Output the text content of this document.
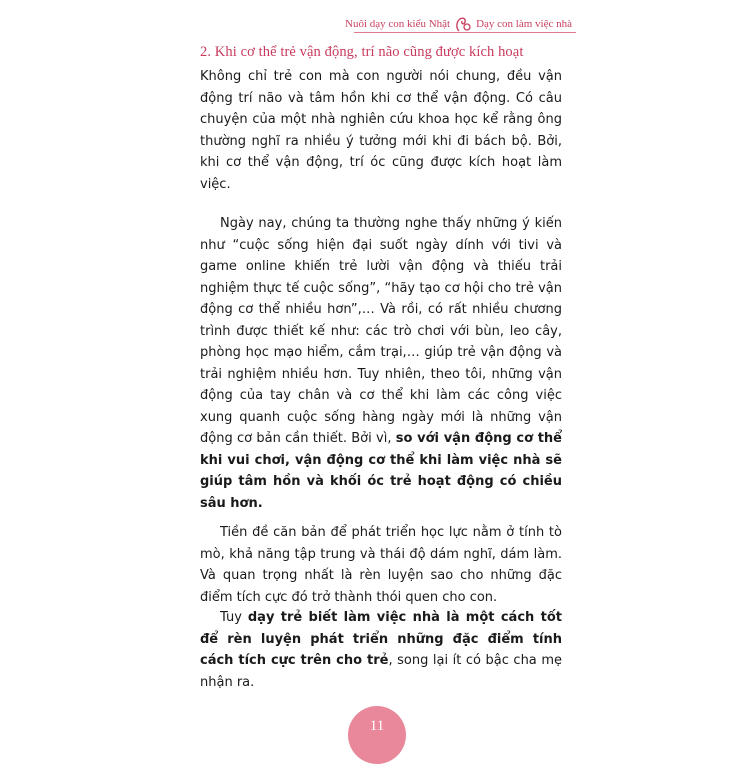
Nuôi dạy con kiểu Nhật Dạy con làm việc nhà
2. Khi cơ thể trẻ vận động, trí não cũng được kích hoạt

Không chỉ trẻ con mà con người nói chung, đều vận động trí não và tâm hồn khi cơ thể vận động. Có câu chuyện của một nhà nghiên cứu khoa học kể rằng ông thường nghĩ ra nhiều ý tưởng mới khi đi bách bộ. Bởi, khi cơ thể vận động, trí óc cũng được kích hoạt làm việc.

Ngày nay, chúng ta thường nghe thấy những ý kiến như “cuộc sống hiện đại suốt ngày dính với tivi và game online khiến trẻ lười vận động và thiếu trải nghiệm thực tế cuộc sống”, “hãy tạo cơ hội cho trẻ vận động cơ thể nhiều hơn”,… Và rồi, có rất nhiều chương trình được thiết kế như: các trò chơi với bùn, leo cây, phòng học mạo hiểm, cắm trại,… giúp trẻ vận động và trải nghiệm nhiều hơn. Tuy nhiên, theo tôi, những vận động của tay chân và cơ thể khi làm các công việc xung quanh cuộc sống hàng ngày mới là những vận động cơ bản cần thiết. Bởi vì, so với vận động cơ thể khi vui chơi, vận động cơ thể khi làm việc nhà sẽ giúp tâm hồn và khối óc trẻ hoạt động có chiều sâu hơn.

Tiền đề căn bản để phát triển học lực nằm ở tính tò mò, khả năng tập trung và thái độ dám nghĩ, dám làm. Và quan trọng nhất là rèn luyện sao cho những đặc điểm tích cực đó trở thành thói quen cho con.

Tuy dạy trẻ biết làm việc nhà là một cách tốt để rèn luyện phát triển những đặc điểm tính cách tích cực trên cho trẻ, song lại ít có bậc cha mẹ nhận ra.

11
